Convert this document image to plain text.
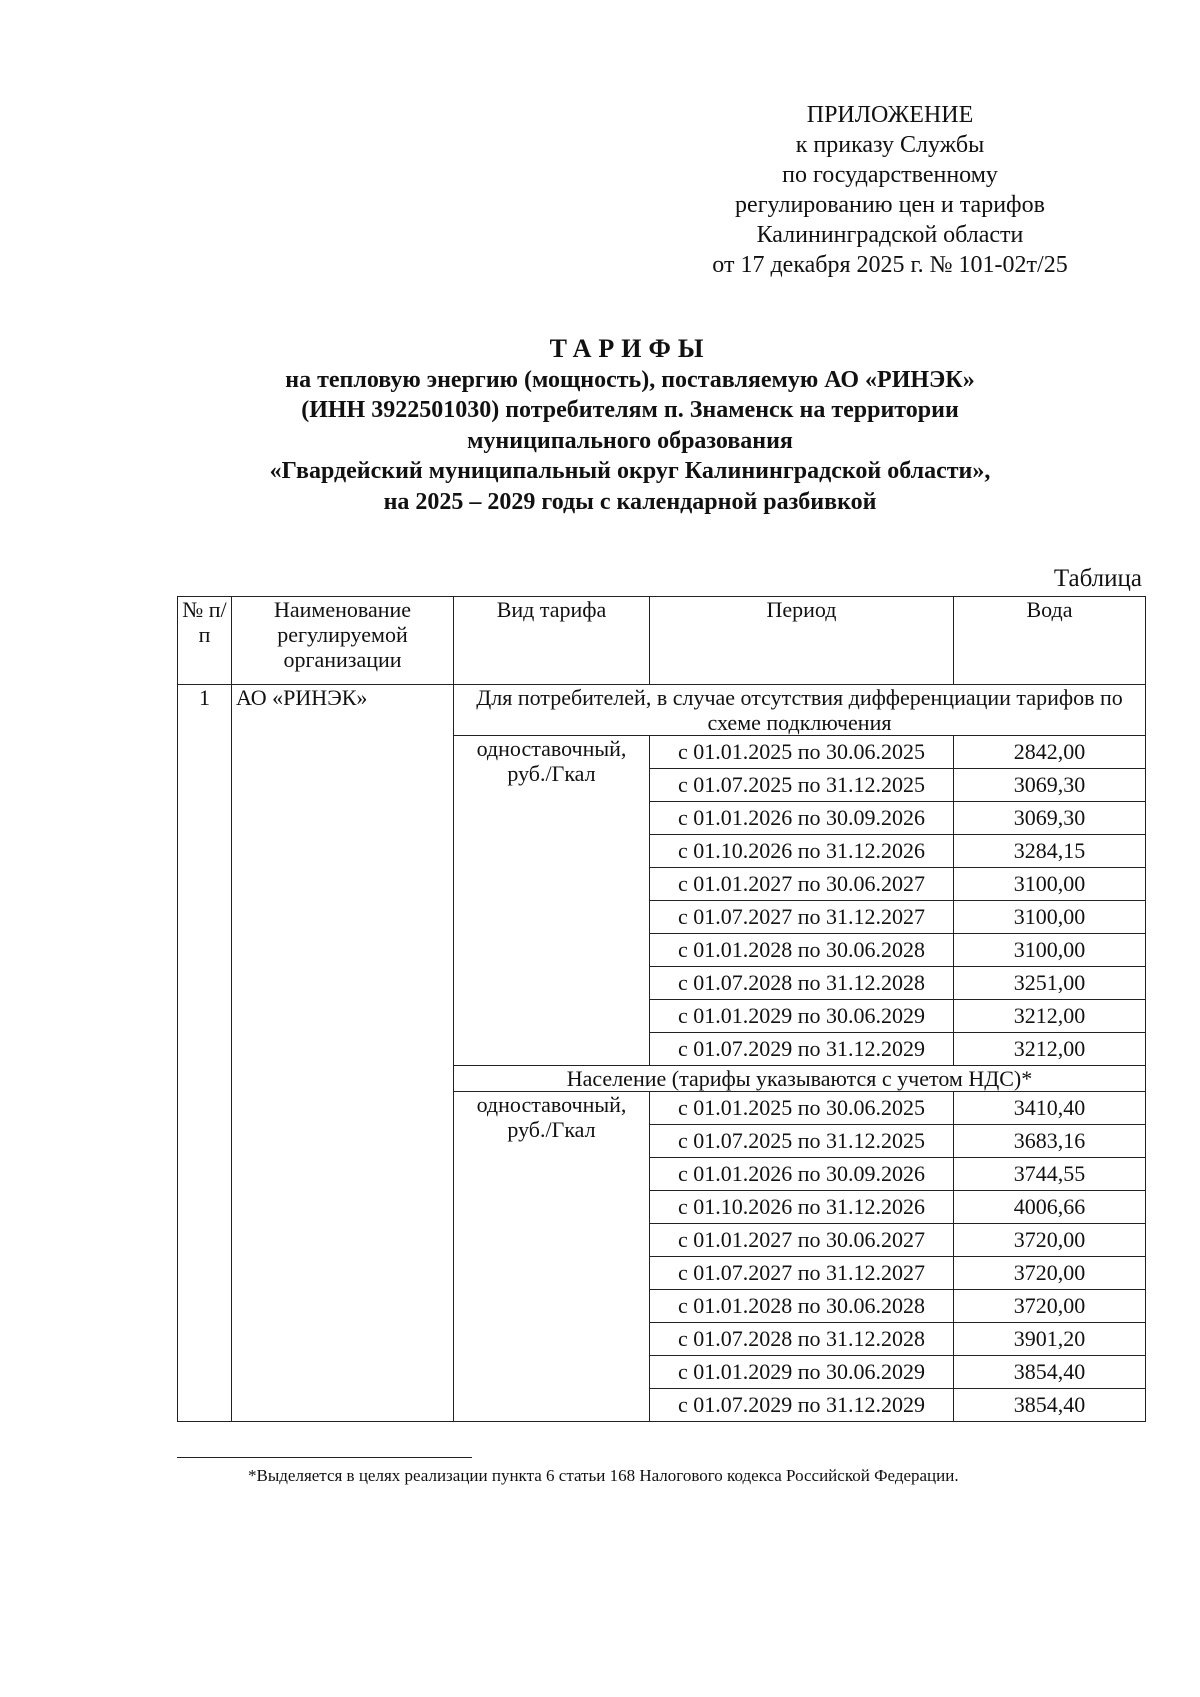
ПРИЛОЖЕНИЕ
к приказу Службы
по государственному
регулированию цен и тарифов
Калининградской области
от 17 декабря 2025 г. № 101-02т/25
ТАРИФЫ
на тепловую энергию (мощность), поставляемую АО «РИНЭК»
(ИНН 3922501030) потребителям п. Знаменск на территории
муниципального образования
«Гвардейский муниципальный округ Калининградской области»,
на 2025 – 2029 годы с календарной разбивкой
Таблица
№ п/п	Наименование регулируемой организации	Вид тарифа	Период	Вода
1	АО «РИНЭК»	Для потребителей, в случае отсутствия дифференциации тарифов по схеме подключения		
		одноставочный, руб./Гкал	с 01.01.2025 по 30.06.2025	2842,00

			с 01.07.2025 по 31.12.2025	3069,30

			с 01.01.2026 по 30.09.2026	3069,30

			с 01.10.2026 по 31.12.2026	3284,15

			с 01.01.2027 по 30.06.2027	3100,00

			с 01.07.2027 по 31.12.2027	3100,00

			с 01.01.2028 по 30.06.2028	3100,00

			с 01.07.2028 по 31.12.2028	3251,00

			с 01.01.2029 по 30.06.2029	3212,00

			с 01.07.2029 по 31.12.2029	3212,00

		Население (тарифы указываются с учетом НДС)*		
		одноставочный, руб./Гкал	с 01.01.2025 по 30.06.2025	3410,40

			с 01.07.2025 по 31.12.2025	3683,16

			с 01.01.2026 по 30.09.2026	3744,55

			с 01.10.2026 по 31.12.2026	4006,66

			с 01.01.2027 по 30.06.2027	3720,00

			с 01.07.2027 по 31.12.2027	3720,00

			с 01.01.2028 по 30.06.2028	3720,00

			с 01.07.2028 по 31.12.2028	3901,20

			с 01.01.2029 по 30.06.2029	3854,40

			с 01.07.2029 по 31.12.2029	3854,40
*Выделяется в целях реализации пункта 6 статьи 168 Налогового кодекса Российской Федерации.
